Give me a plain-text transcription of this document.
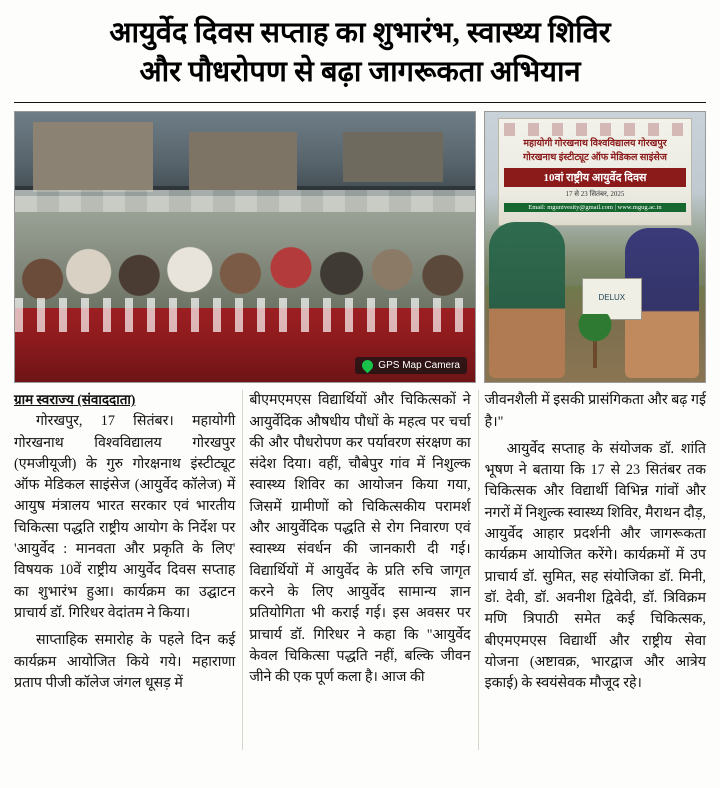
आयुर्वेद दिवस सप्ताह का शुभारंभ, स्वास्थ्य शिविर
और पौधरोपण से बढ़ा जागरूकता अभियान
GPS Map Camera
महायोगी गोरखनाथ विश्वविद्यालय गोरखपुर
गोरखनाथ इंस्टीट्यूट ऑफ मेडिकल साइंसेज
10वां राष्ट्रीय आयुर्वेद दिवस
17 से 23 सितंबर, 2025
Email: mgunivesity@gmail.com | www.mgug.ac.in
DELUX
ग्राम स्वराज्य (संवाददाता)

गोरखपुर, 17 सितंबर। महायोगी गोरखनाथ विश्वविद्यालय गोरखपुर (एमजीयूजी) के गुरु गोरक्षनाथ इंस्टीट्यूट ऑफ मेडिकल साइंसेज (आयुर्वेद कॉलेज) में आयुष मंत्रालय भारत सरकार एवं भारतीय चिकित्सा पद्धति राष्ट्रीय आयोग के निर्देश पर 'आयुर्वेद : मानवता और प्रकृति के लिए' विषयक 10वें राष्ट्रीय आयुर्वेद दिवस सप्ताह का शुभारंभ हुआ। कार्यक्रम का उद्घाटन प्राचार्य डॉ. गिरिधर वेदांतम ने किया।

साप्ताहिक समारोह के पहले दिन कई कार्यक्रम आयोजित किये गये। महाराणा प्रताप पीजी कॉलेज जंगल धूसड़ में

बीएमएमएस विद्यार्थियों और चिकित्सकों ने आयुर्वेदिक औषधीय पौधों के महत्व पर चर्चा की और पौधरोपण कर पर्यावरण संरक्षण का संदेश दिया। वहीं, चौबेपुर गांव में निशुल्क स्वास्थ्य शिविर का आयोजन किया गया, जिसमें ग्रामीणों को चिकित्सकीय परामर्श और आयुर्वेदिक पद्धति से रोग निवारण एवं स्वास्थ्य संवर्धन की जानकारी दी गई। विद्यार्थियों में आयुर्वेद के प्रति रुचि जागृत करने के लिए आयुर्वेद सामान्य ज्ञान प्रतियोगिता भी कराई गई। इस अवसर पर प्राचार्य डॉ. गिरिधर ने कहा कि "आयुर्वेद केवल चिकित्सा पद्धति नहीं, बल्कि जीवन जीने की एक पूर्ण कला है। आज की

जीवनशैली में इसकी प्रासंगिकता और बढ़ गई है।"

आयुर्वेद सप्ताह के संयोजक डॉ. शांति भूषण ने बताया कि 17 से 23 सितंबर तक चिकित्सक और विद्यार्थी विभिन्न गांवों और नगरों में निशुल्क स्वास्थ्य शिविर, मैराथन दौड़, आयुर्वेद आहार प्रदर्शनी और जागरूकता कार्यक्रम आयोजित करेंगे। कार्यक्रमों में उप प्राचार्य डॉ. सुमित, सह संयोजिका डॉ. मिनी, डॉ. देवी, डॉ. अवनीश द्विवेदी, डॉ. त्रिविक्रम मणि त्रिपाठी समेत कई चिकित्सक, बीएमएमएस विद्यार्थी और राष्ट्रीय सेवा योजना (अष्टावक्र, भारद्वाज और आत्रेय इकाई) के स्वयंसेवक मौजूद रहे।
